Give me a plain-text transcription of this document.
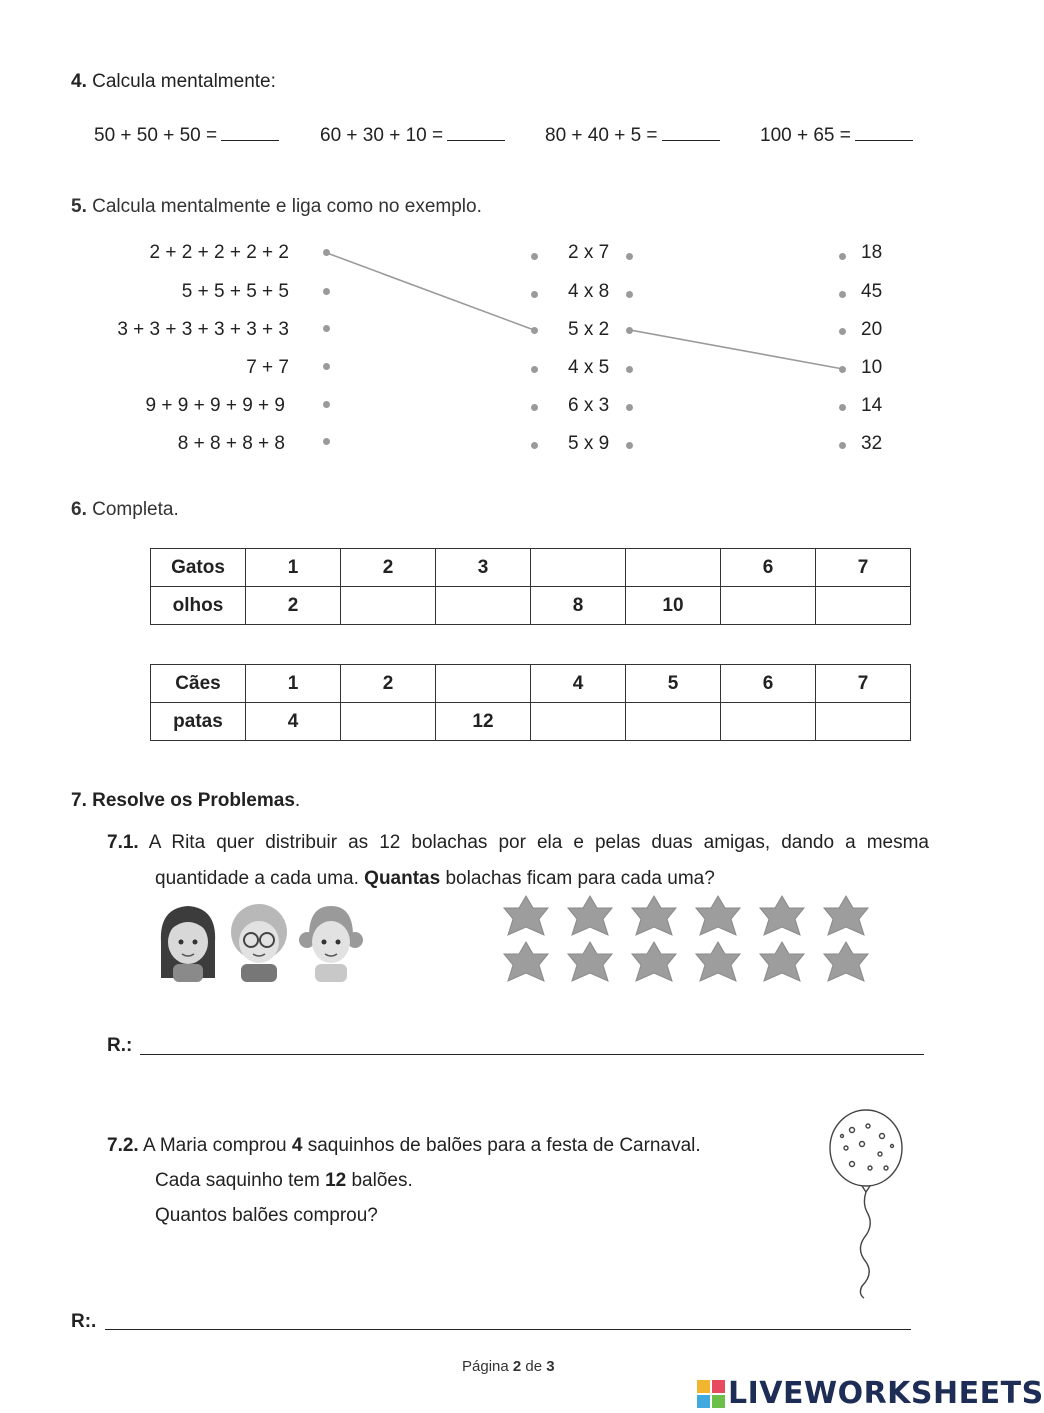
4. Calcula mentalmente:
50 + 50 + 50 =	60 + 30 + 10 =	80 + 40 + 5 =	100 + 65 =
5. Calcula mentalmente e liga como no exemplo.
2 + 2 + 2 + 2 + 2
5 + 5 + 5 + 5
3 + 3 + 3 + 3 + 3 + 3
7 + 7
9 + 9 + 9 + 9 + 9
8 + 8 + 8 + 8
2 x 7
4 x 8
5 x 2
4 x 5
6 x 3
5 x 9
18
45
20
10
14
32
6. Completa.
Gatos	1	2	3			6	7
olhos	2			8	10		
Cães	1	2		4	5	6	7
patas	4		12				
7. Resolve os Problemas.
7.1. A Rita quer distribuir as 12 bolachas por ela e pelas duas amigas, dando a mesma
quantidade a cada uma. Quantas bolachas ficam para cada uma?
R.:
7.2. A Maria comprou 4 saquinhos de balões para a festa de Carnaval.
Cada saquinho tem 12 balões.
Quantos balões comprou?
R:.
Página 2 de 3
LIVEWORKSHEETS
